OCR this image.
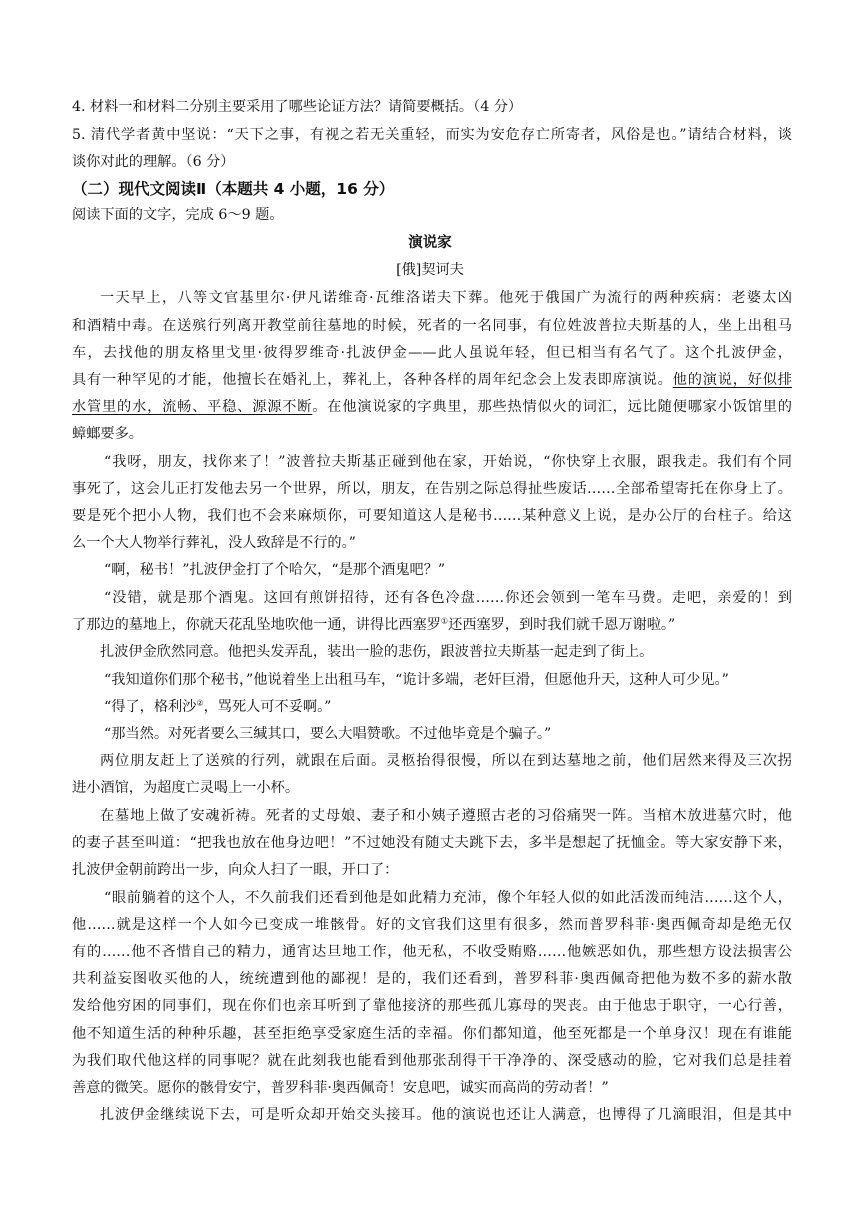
4. 材料一和材料二分别主要采用了哪些论证方法？请简要概括。（4 分）
5. 清代学者黄中坚说：“天下之事，有视之若无关重轻，而实为安危存亡所寄者，风俗是也。”请结合材料，谈
谈你对此的理解。（6 分）
（二）现代文阅读Ⅱ（本题共 4 小题，16 分）
阅读下面的文字，完成 6～9 题。
演说家
[俄]契诃夫
一天早上，八等文官基里尔·伊凡诺维奇·瓦维洛诺夫下葬。他死于俄国广为流行的两种疾病：老婆太凶
和酒精中毒。在送殡行列离开教堂前往墓地的时候，死者的一名同事，有位姓波普拉夫斯基的人，坐上出租马
车，去找他的朋友格里戈里·彼得罗维奇·扎波伊金——此人虽说年轻，但已相当有名气了。这个扎波伊金，
具有一种罕见的才能，他擅长在婚礼上，葬礼上，各种各样的周年纪念会上发表即席演说。他的演说，好似排
水管里的水，流畅、平稳、源源不断。在他演说家的字典里，那些热情似火的词汇，远比随便哪家小饭馆里的
蟑螂要多。
“我呀，朋友，找你来了！”波普拉夫斯基正碰到他在家，开始说，“你快穿上衣服，跟我走。我们有个同
事死了，这会儿正打发他去另一个世界，所以，朋友，在告别之际总得扯些废话……全部希望寄托在你身上了。
要是死个把小人物，我们也不会来麻烦你，可要知道这人是秘书……某种意义上说，是办公厅的台柱子。给这
么一个大人物举行葬礼，没人致辞是不行的。”
“啊，秘书！”扎波伊金打了个哈欠，“是那个酒鬼吧？”
“没错，就是那个酒鬼。这回有煎饼招待，还有各色冷盘……你还会领到一笔车马费。走吧，亲爱的！到
了那边的墓地上，你就天花乱坠地吹他一通，讲得比西塞罗①还西塞罗，到时我们就千恩万谢啦。”
扎波伊金欣然同意。他把头发弄乱，装出一脸的悲伤，跟波普拉夫斯基一起走到了街上。
“我知道你们那个秘书，”他说着坐上出租马车，“诡计多端，老奸巨滑，但愿他升天，这种人可少见。”
“得了，格利沙②，骂死人可不妥啊。”
“那当然。对死者要么三缄其口，要么大唱赞歌。不过他毕竟是个骗子。”
两位朋友赶上了送殡的行列，就跟在后面。灵柩抬得很慢，所以在到达墓地之前，他们居然来得及三次拐
进小酒馆，为超度亡灵喝上一小杯。
在墓地上做了安魂祈祷。死者的丈母娘、妻子和小姨子遵照古老的习俗痛哭一阵。当棺木放进墓穴时，他
的妻子甚至叫道：“把我也放在他身边吧！”不过她没有随丈夫跳下去，多半是想起了抚恤金。等大家安静下来，
扎波伊金朝前跨出一步，向众人扫了一眼，开口了：
“眼前躺着的这个人，不久前我们还看到他是如此精力充沛，像个年轻人似的如此活泼而纯洁……这个人，
他……就是这样一个人如今已变成一堆骸骨。好的文官我们这里有很多，然而普罗科菲·奥西佩奇却是绝无仅
有的……他不吝惜自己的精力，通宵达旦地工作，他无私，不收受贿赂……他嫉恶如仇，那些想方设法损害公
共利益妄图收买他的人，统统遭到他的鄙视！是的，我们还看到，普罗科菲·奥西佩奇把他为数不多的薪水散
发给他穷困的同事们，现在你们也亲耳听到了靠他接济的那些孤儿寡母的哭丧。由于他忠于职守，一心行善，
他不知道生活的种种乐趣，甚至拒绝享受家庭生活的幸福。你们都知道，他至死都是一个单身汉！现在有谁能
为我们取代他这样的同事呢？就在此刻我也能看到他那张刮得干干净净的、深受感动的脸，它对我们总是挂着
善意的微笑。愿你的骸骨安宁，普罗科菲·奥西佩奇！安息吧，诚实而高尚的劳动者！”
扎波伊金继续说下去，可是听众却开始交头接耳。他的演说也还让人满意，也博得了几滴眼泪，但是其中
